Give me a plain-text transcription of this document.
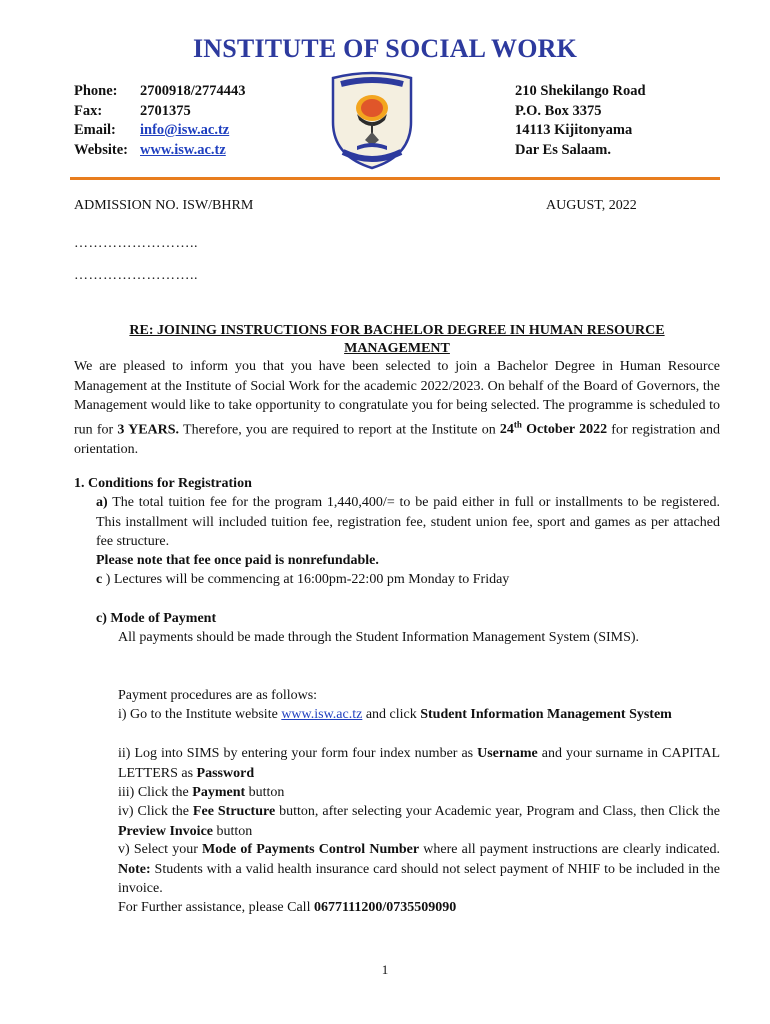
INSTITUTE OF SOCIAL WORK
Phone:	2700918/2774443
Fax:	2701375
Email:	info@isw.ac.tz
Website: www.isw.ac.tz
210 Shekilango Road
P.O. Box 3375
14113 Kijitonyama
Dar Es Salaam.
ADMISSION NO. ISW/BHRM	AUGUST, 2022
……………………..
……………………..
RE: JOINING INSTRUCTIONS FOR BACHELOR DEGREE IN HUMAN RESOURCE
MANAGEMENT
We are pleased to inform you that you have been selected to join a Bachelor Degree in Human Resource Management at the Institute of Social Work for the academic 2022/2023. On behalf of the Board of Governors, the Management would like to take opportunity to congratulate you for being selected. The programme is scheduled to run for 3 YEARS. Therefore, you are required to report at the Institute on 24th October 2022 for registration and orientation.
1. Conditions for Registration
a) The total tuition fee for the program 1,440,400/= to be paid either in full or installments to be registered. This installment will included tuition fee, registration fee, student union fee, sport and games as per attached fee structure.
Please note that fee once paid is nonrefundable.
c ) Lectures will be commencing at 16:00pm-22:00 pm Monday to Friday
c) Mode of Payment
All payments should be made through the Student Information Management System (SIMS).
Payment procedures are as follows:
i) Go to the Institute website www.isw.ac.tz and click Student Information Management System
ii) Log into SIMS by entering your form four index number as Username and your surname in CAPITAL LETTERS as Password
iii) Click the Payment button
iv) Click the Fee Structure button, after selecting your Academic year, Program and Class, then Click the Preview Invoice button
v) Select your Mode of Payments Control Number where all payment instructions are clearly indicated. Note: Students with a valid health insurance card should not select payment of NHIF to be included in the invoice.
For Further assistance, please Call 0677111200/0735509090
1
